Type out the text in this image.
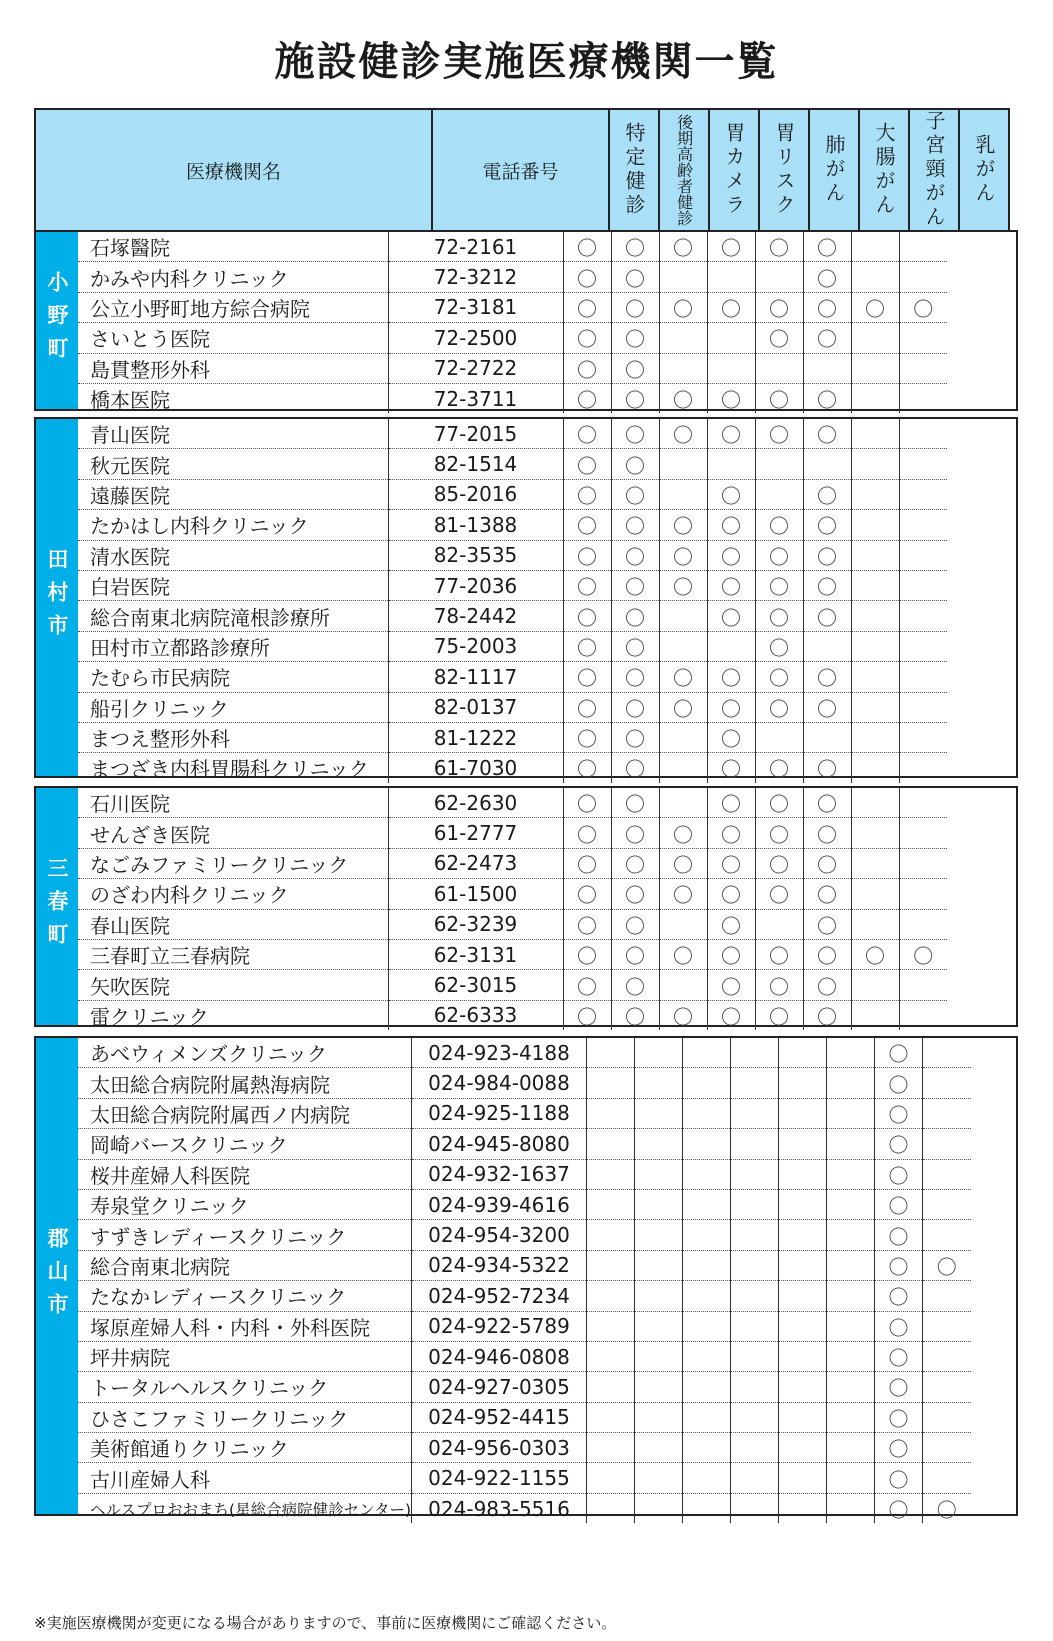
施設健診実施医療機関一覧
医療機関名	電話番号	特定健診	後期高齢者健診	胃カメラ	胃リスク	肺がん	大腸がん	子宮頸がん	乳がん
小野町
石塚醫院	72-2161	〇	〇	〇	〇	〇	〇		
かみや内科クリニック	72-3212	〇	〇				〇		
公立小野町地方綜合病院	72-3181	〇	〇	〇	〇	〇	〇	〇	〇
さいとう医院	72-2500	〇	〇			〇	〇		
島貫整形外科	72-2722	〇	〇						
橋本医院	72-3711	〇	〇	〇	〇	〇	〇		
田村市
青山医院	77-2015	〇	〇	〇	〇	〇	〇		
秋元医院	82-1514	〇	〇						
遠藤医院	85-2016	〇	〇		〇		〇		
たかはし内科クリニック	81-1388	〇	〇	〇	〇	〇	〇		
清水医院	82-3535	〇	〇	〇	〇	〇	〇		
白岩医院	77-2036	〇	〇	〇	〇	〇	〇		
総合南東北病院滝根診療所	78-2442	〇	〇		〇	〇	〇		
田村市立都路診療所	75-2003	〇	〇			〇			
たむら市民病院	82-1117	〇	〇	〇	〇	〇	〇		
船引クリニック	82-0137	〇	〇	〇	〇	〇	〇		
まつえ整形外科	81-1222	〇	〇		〇				
まつざき内科胃腸科クリニック	61-7030	〇	〇		〇	〇	〇		
三春町
石川医院	62-2630	〇	〇		〇	〇	〇		
せんざき医院	61-2777	〇	〇	〇	〇	〇	〇		
なごみファミリークリニック	62-2473	〇	〇	〇	〇	〇	〇		
のざわ内科クリニック	61-1500	〇	〇	〇	〇	〇	〇		
春山医院	62-3239	〇	〇		〇		〇		
三春町立三春病院	62-3131	〇	〇	〇	〇	〇	〇	〇	〇
矢吹医院	62-3015	〇	〇		〇	〇	〇		
雷クリニック	62-6333	〇	〇	〇	〇	〇	〇		
郡山市
あべウィメンズクリニック	024-923-4188							〇	
太田総合病院附属熱海病院	024-984-0088							〇	
太田総合病院附属西ノ内病院	024-925-1188							〇	
岡崎バースクリニック	024-945-8080							〇	
桜井産婦人科医院	024-932-1637							〇	
寿泉堂クリニック	024-939-4616							〇	
すずきレディースクリニック	024-954-3200							〇	
総合南東北病院	024-934-5322							〇	〇
たなかレディースクリニック	024-952-7234							〇	
塚原産婦人科・内科・外科医院	024-922-5789							〇	
坪井病院	024-946-0808							〇	
トータルヘルスクリニック	024-927-0305							〇	
ひさこファミリークリニック	024-952-4415							〇	
美術館通りクリニック	024-956-0303							〇	
古川産婦人科	024-922-1155							〇	
ヘルスプロおおまち(星総合病院健診センター)	024-983-5516							〇	〇
※実施医療機関が変更になる場合がありますので、事前に医療機関にご確認ください。
